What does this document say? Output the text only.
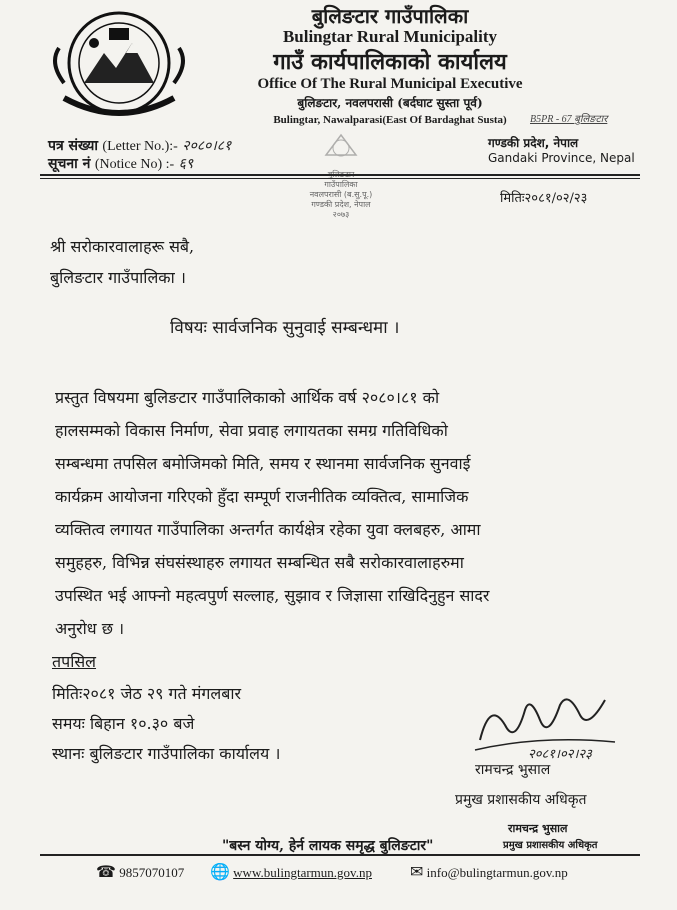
बुलिङटार गाउँपालिका
Bulingtar Rural Municipality
गाउँ कार्यपालिकाको कार्यालय
Office Of The Rural Municipal Executive
बुलिङटार, नवलपरासी (बर्दघाट सुस्ता पूर्व)
Bulingtar, Nawalparasi(East Of Bardaghat Susta)	B5PR - 67 बुलिङटार
पत्र संख्या (Letter No.):- २०८०।८१
सूचना नं (Notice No) :- ६९
गण्डकी प्रदेश, नेपाल
Gandaki Province, Nepal
गाउँपालिका
नवलपरासी (ब.सु.पू.)
गण्डकी प्रदेश, नेपाल
२०७३
मितिः२०८१/०२/२३
श्री सरोकारवालाहरू सबै,
बुलिङटार गाउँपालिका ।
विषयः सार्वजनिक सुनुवाई सम्बन्धमा ।
प्रस्तुत विषयमा बुलिङटार गाउँपालिकाको आर्थिक वर्ष २०८०।८१ को
हालसम्मको विकास निर्माण, सेवा प्रवाह लगायतका समग्र गतिविधिको
सम्बन्धमा तपसिल बमोजिमको मिति, समय र स्थानमा सार्वजनिक सुनवाई
कार्यक्रम आयोजना गरिएको हुँदा सम्पूर्ण राजनीतिक व्यक्तित्व, सामाजिक
व्यक्तित्व लगायत गाउँपालिका अन्तर्गत कार्यक्षेत्र रहेका युवा क्लबहरु, आमा
समुहहरु, विभिन्न संघसंस्थाहरु लगायत सम्बन्धित सबै सरोकारवालाहरुमा
उपस्थित भई आफ्नो महत्वपुर्ण सल्लाह, सुझाव र जिज्ञासा राखिदिनुहुन सादर
अनुरोध छ ।
तपसिल
मितिः२०८१ जेठ २९ गते मंगलबार
समयः बिहान १०.३० बजे
स्थानः बुलिङटार गाउँपालिका कार्यालय ।	२०८१।०२।२३
रामचन्द्र भुसाल
प्रमुख प्रशासकीय अधिकृत
रामचन्द्र भुसाल
प्रमुख प्रशासकीय अधिकृत
"बस्न योग्य, हेर्न लायक समृद्ध बुलिङटार"
☎ 9857070107 🌐 www.bulingtarmun.gov.np ✉ info@bulingtarmun.gov.np
